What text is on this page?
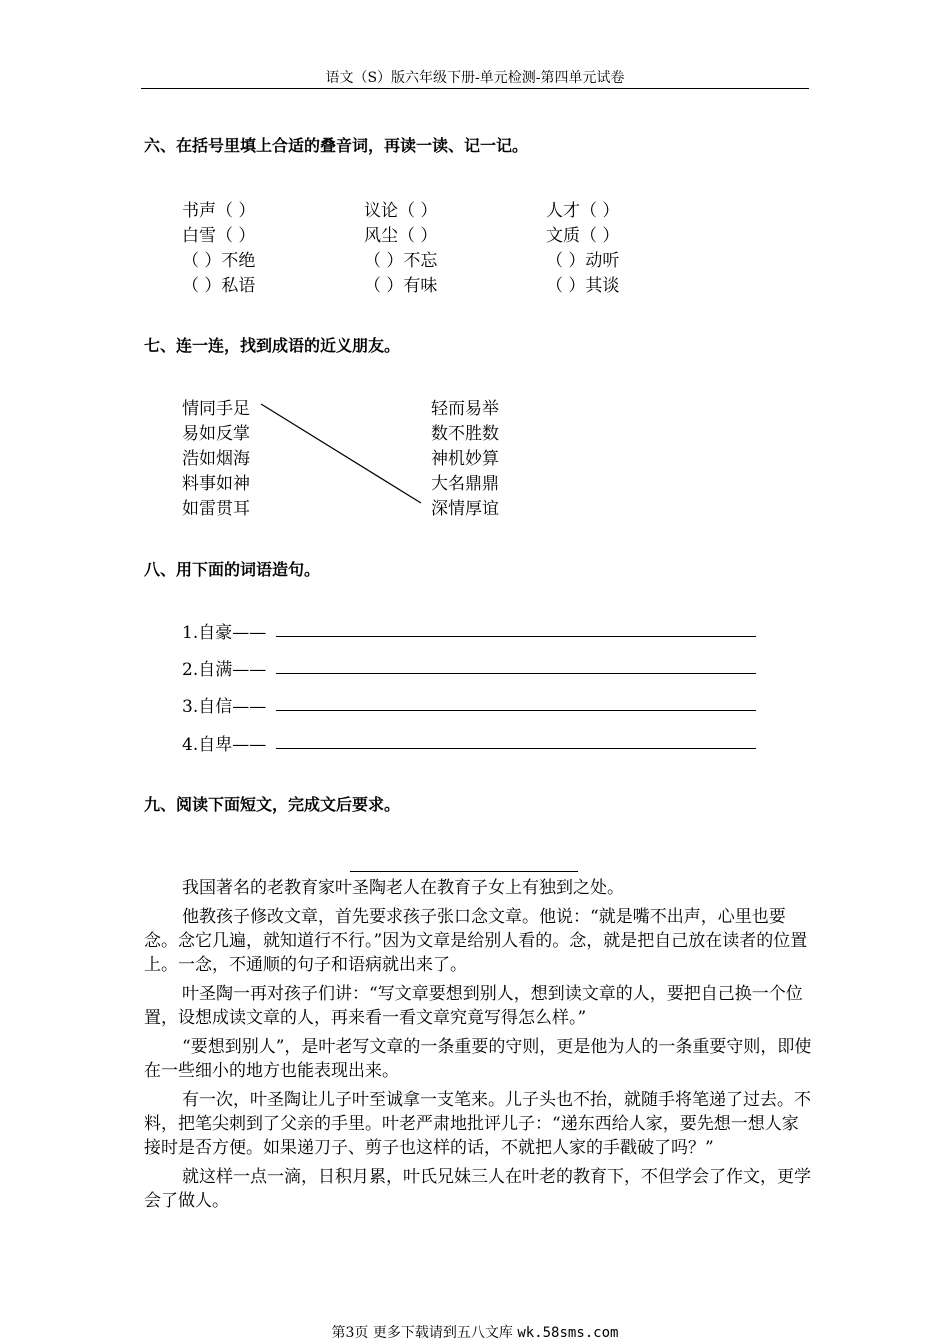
语文（S）版六年级下册-单元检测-第四单元试卷
六、在括号里填上合适的叠音词，再读一读、记一记。
书声（ ）	议论（ ）	人才（ ）
白雪（ ）	风尘（ ）	文质（ ）
（ ）不绝	（ ）不忘	（ ）动听
（ ）私语	（ ）有味	（ ）其谈
七、连一连，找到成语的近义朋友。
情同手足
易如反掌
浩如烟海
料事如神
如雷贯耳
轻而易举
数不胜数
神机妙算
大名鼎鼎
深情厚谊
八、用下面的词语造句。
1.自豪——
2.自满——
3.自信——
4.自卑——
九、阅读下面短文，完成文后要求。

我国著名的老教育家叶圣陶老人在教育子女上有独到之处。

他教孩子修改文章，首先要求孩子张口念文章。他说：“就是嘴不出声，心里也要念。念它几遍，就知道行不行。”因为文章是给别人看的。念，就是把自己放在读者的位置上。一念，不通顺的句子和语病就出来了。

叶圣陶一再对孩子们讲：“写文章要想到别人，想到读文章的人，要把自己换一个位置，设想成读文章的人，再来看一看文章究竟写得怎么样。”

“要想到别人”，是叶老写文章的一条重要的守则，更是他为人的一条重要守则，即使在一些细小的地方也能表现出来。

有一次，叶圣陶让儿子叶至诚拿一支笔来。儿子头也不抬，就随手将笔递了过去。不料，把笔尖刺到了父亲的手里。叶老严肃地批评儿子：“递东西给人家，要先想一想人家接时是否方便。如果递刀子、剪子也这样的话，不就把人家的手戳破了吗？”

就这样一点一滴，日积月累，叶氏兄妹三人在叶老的教育下，不但学会了作文，更学会了做人。

第3页 更多下载请到五八文库 wk.58sms.com
